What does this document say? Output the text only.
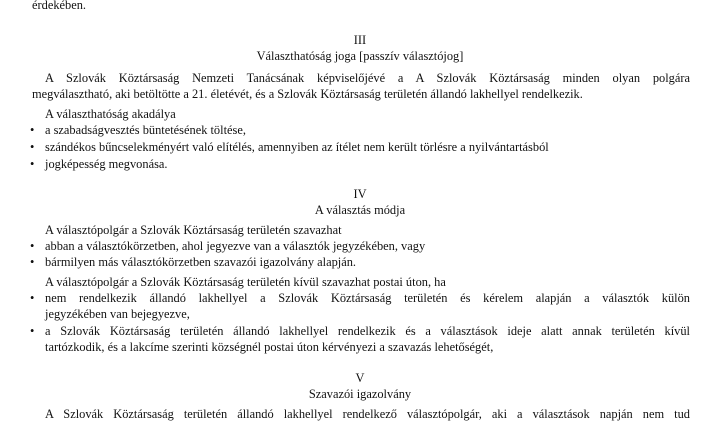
érdekében.
III
Választhatóság joga [passzív választójog]
A Szlovák Köztársaság Nemzeti Tanácsának képviselőjévé a A Szlovák Köztársaság minden olyan polgára
megválasztható, aki betöltötte a 21. életévét, és a Szlovák Köztársaság területén állandó lakhellyel rendelkezik.
A választhatóság akadálya
• a szabadságvesztés büntetésének töltése,
• szándékos bűncselekményért való elítélés, amennyiben az ítélet nem került törlésre a nyilvántartásból
• jogképesség megvonása.
IV
A választás módja
A választópolgár a Szlovák Köztársaság területén szavazhat
• abban a választókörzetben, ahol jegyezve van a választók jegyzékében, vagy
• bármilyen más választókörzetben szavazói igazolvány alapján.
A választópolgár a Szlovák Köztársaság területén kívül szavazhat postai úton, ha
• nem rendelkezik állandó lakhellyel a Szlovák Köztársaság területén és kérelem alapján a választók külön
jegyzékében van bejegyezve,
• a Szlovák Köztársaság területén állandó lakhellyel rendelkezik és a választások ideje alatt annak területén kívül
tartózkodik, és a lakcíme szerinti községnél postai úton kérvényezi a szavazás lehetőségét,
V
Szavazói igazolvány
A Szlovák Köztársaság területén állandó lakhellyel rendelkező választópolgár, aki a választások napján nem tud
